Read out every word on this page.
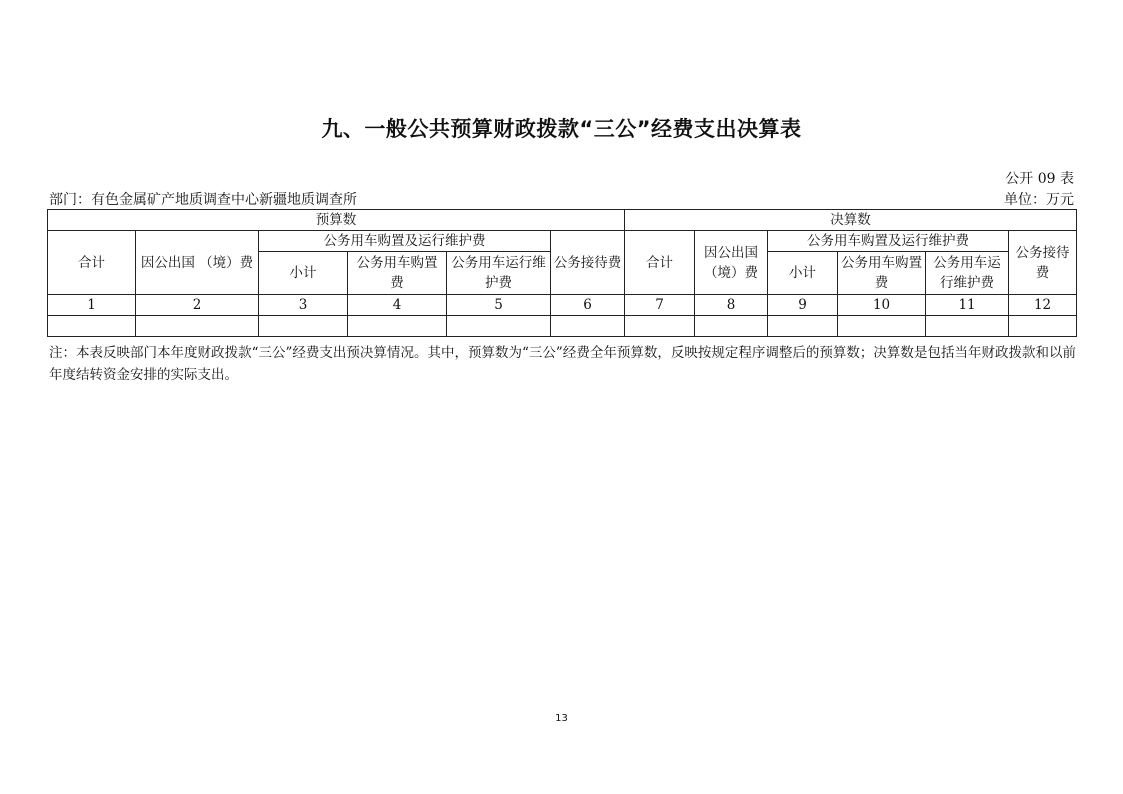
九、一般公共预算财政拨款“三公”经费支出决算表
公开 09 表
部门：有色金属矿产地质调查中心新疆地质调查所	单位：万元
预算数						决算数					
合计	因公出国 （境）费	公务用车购置及运行维护费			公务接待费	合计	因公出国（境）费	公务用车购置及运行维护费			公务接待费
		小计	公务用车购置费	公务用车运行维护费				小计	公务用车购置费	公务用车运行维护费	
1	2	3	4	5	6	7	8	9	10	11	12

注：本表反映部门本年度财政拨款“三公”经费支出预决算情况。其中，预算数为“三公”经费全年预算数，反映按规定程序调整后的预算数；决算数是包括当年财政拨款和以前年度结转资金安排的实际支出。

13
